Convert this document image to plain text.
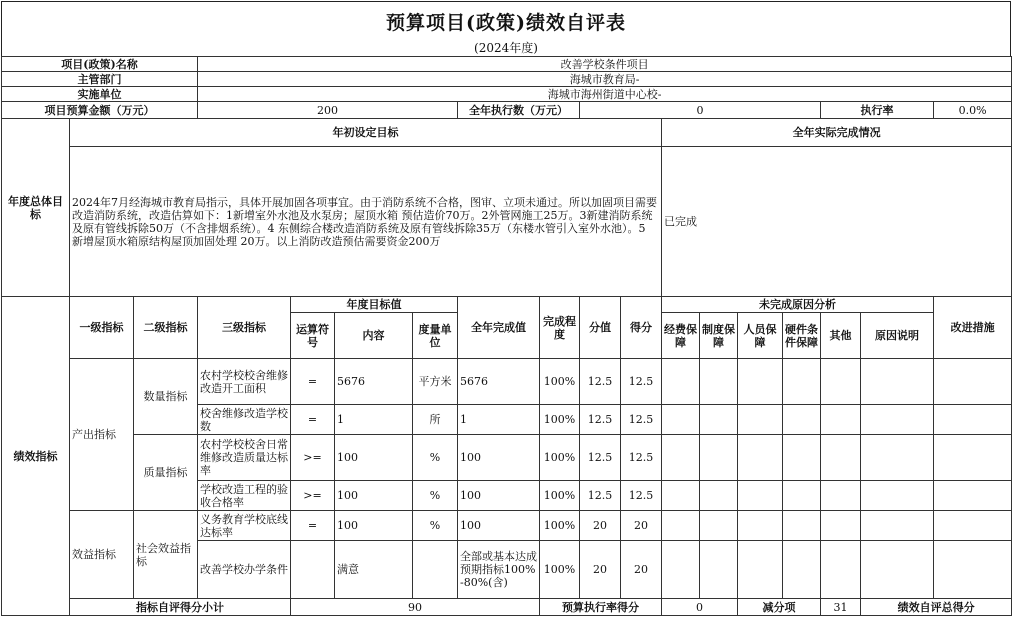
预算项目(政策)绩效自评表
(2024年度)
项目(政策)名称			改善学校条件项目															
主管部门			海城市教育局-															
实施单位			海城市海州街道中心校-															
项目预算金额（万元）			200				全年执行数（万元）		0						执行率		0.0%	
年度总体目标	年初设定目标										全年实际完成情况							
	2024年7月经海城市教育局指示，具体开展加固各项事宜。由于消防系统不合格，图审、立项未通过。所以加固项目需要改造消防系统，改造估算如下：1新增室外水池及水泵房；屋顶水箱 预估造价70万。2外管网施工25万。3新建消防系统及原有管线拆除50万（不含排烟系统）。4 东侧综合楼改造消防系统及原有管线拆除35万（东楼水管引入室外水池）。5 新增屋顶水箱原结构屋顶加固处理 20万。以上消防改造预估需要资金200万										已完成							
绩效指标	一级指标	二级指标	三级指标	年度目标值			全年完成值	完成程度	分值	得分	未完成原因分析						改进措施	
				运算符号	内容	度量单位					经费保障	制度保障	人员保障	硬件条件保障	其他	原因说明		
	产出指标	数量指标	农村学校校舍维修改造开工面积	=	5676	平方米	5676	100%	12.5	12.5								
			校舍维修改造学校数	=	1	所	1	100%	12.5	12.5								
		质量指标	农村学校校舍日常维修改造质量达标率	>=	100	%	100	100%	12.5	12.5								
			学校改造工程的验收合格率	>=	100	%	100	100%	12.5	12.5								
	效益指标	社会效益指标	义务教育学校底线达标率	=	100	%	100	100%	20	20								
			改善学校办学条件		满意		全部或基本达成预期指标100%-80%(含)	100%	20	20								
	指标自评得分小计			90				预算执行率得分			0		减分项		31	绩效自评总得分	
